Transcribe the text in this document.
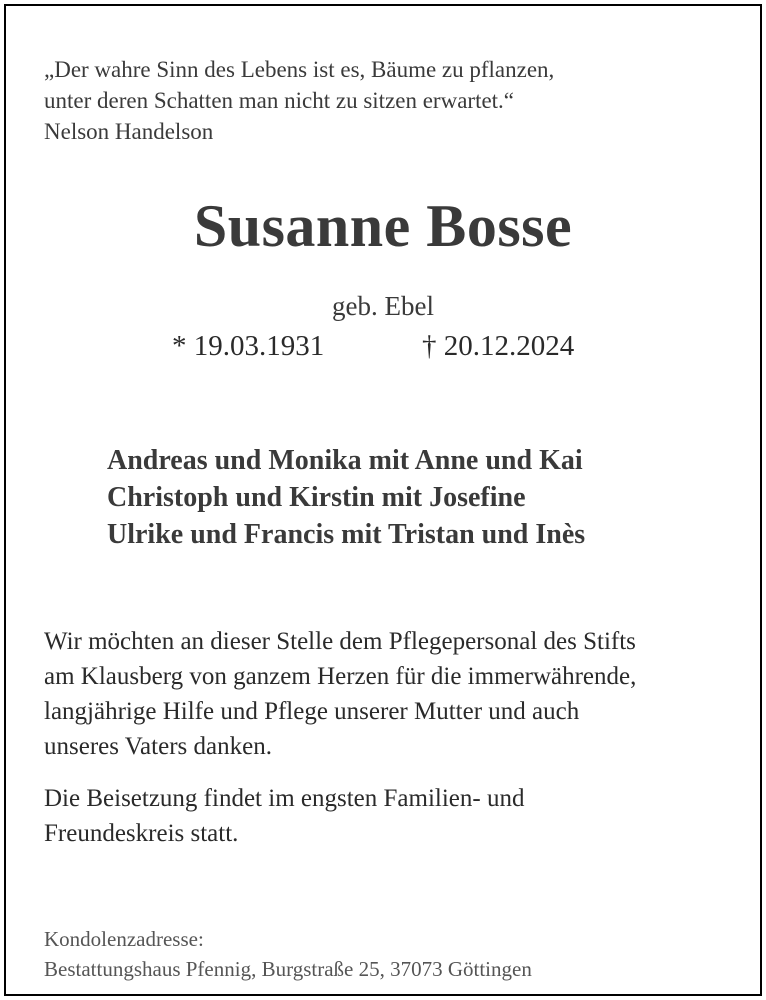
„Der wahre Sinn des Lebens ist es, Bäume zu pflanzen,
unter deren Schatten man nicht zu sitzen erwartet.“
Nelson Handelson
Susanne Bosse
geb. Ebel
* 19.03.1931	† 20.12.2024
Andreas und Monika mit Anne und Kai
Christoph und Kirstin mit Josefine
Ulrike und Francis mit Tristan und Inès
Wir möchten an dieser Stelle dem Pflegepersonal des Stifts
am Klausberg von ganzem Herzen für die immerwährende,
langjährige Hilfe und Pflege unserer Mutter und auch
unseres Vaters danken.
Die Beisetzung findet im engsten Familien- und
Freundeskreis statt.
Kondolenzadresse:
Bestattungshaus Pfennig, Burgstraße 25, 37073 Göttingen
